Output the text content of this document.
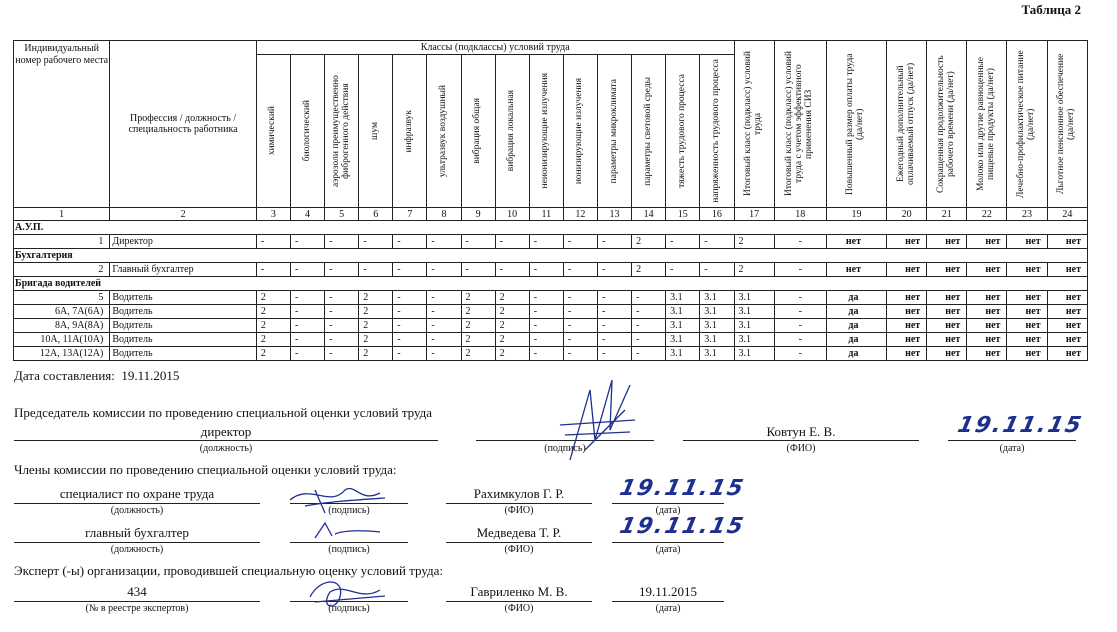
Таблица 2
Индивидуальный номер рабочего места	Профессия / должность / специальность работника	Классы (подклассы) условий труда														Итоговый класс (подкласс) условий труда	Итоговый класс (подкласс) условий труда с учетом эффективного применения СИЗ	Повышенный размер оплаты труда (да/нет)	Ежегодный дополнительный оплачиваемый отпуск (да/нет)	Сокращенная продолжительность рабочего времени (да/нет)	Молоко или другие равноценные пищевые продукты (да/нет)	Лечебно-профилактическое питание (да/нет)	Льготное пенсионное обеспечение (да/нет)

		химический	биологический	аэрозоли преимущественно фиброгенного действия	шум	инфразвук	ультразвук воздушный	вибрация общая	вибрация локальная	неионизирующие излучения	ионизирующие излучения	параметры микроклимата	параметры световой среды	тяжесть трудового процесса	напряженность трудового процесса								

1	2	3	4	5	6	7	8	9	10	11	12	13	14	15	16	17	18	19	20	21	22	23	24
А.У.П.																							
1	Директор	-	-	-	-	-	-	-	-	-	-	-	2	-	-	2	-	нет	нет	нет	нет	нет	нет
Бухгалтерия																							
2	Главный бухгалтер	-	-	-	-	-	-	-	-	-	-	-	2	-	-	2	-	нет	нет	нет	нет	нет	нет
Бригада водителей																							
5	Водитель	2	-	-	2	-	-	2	2	-	-	-	-	3.1	3.1	3.1	-	да	нет	нет	нет	нет	нет
6А, 7А(6А)	Водитель	2	-	-	2	-	-	2	2	-	-	-	-	3.1	3.1	3.1	-	да	нет	нет	нет	нет	нет
8А, 9А(8А)	Водитель	2	-	-	2	-	-	2	2	-	-	-	-	3.1	3.1	3.1	-	да	нет	нет	нет	нет	нет
10А, 11А(10А)	Водитель	2	-	-	2	-	-	2	2	-	-	-	-	3.1	3.1	3.1	-	да	нет	нет	нет	нет	нет
12А, 13А(12А)	Водитель	2	-	-	2	-	-	2	2	-	-	-	-	3.1	3.1	3.1	-	да	нет	нет	нет	нет	нет
Дата составления: 19.11.2015
Председатель комиссии по проведению специальной оценки условий труда
директор
(должность)	(подпись)
Ковтун Е. В.
(ФИО)
19.11.15
(дата)
Члены комиссии по проведению специальной оценки условий труда:
специалист по охране труда
(должность)	(подпись)
Рахимкулов Г. Р.
(ФИО)
19.11.15
(дата)
главный бухгалтер
(должность)	(подпись)
Медведева Т. Р.
(ФИО)
19.11.15
(дата)
Эксперт (-ы) организации, проводившей специальную оценку условий труда:
434
(№ в реестре экспертов)	(подпись)
Гавриленко М. В.
(ФИО)
19.11.2015
(дата)
